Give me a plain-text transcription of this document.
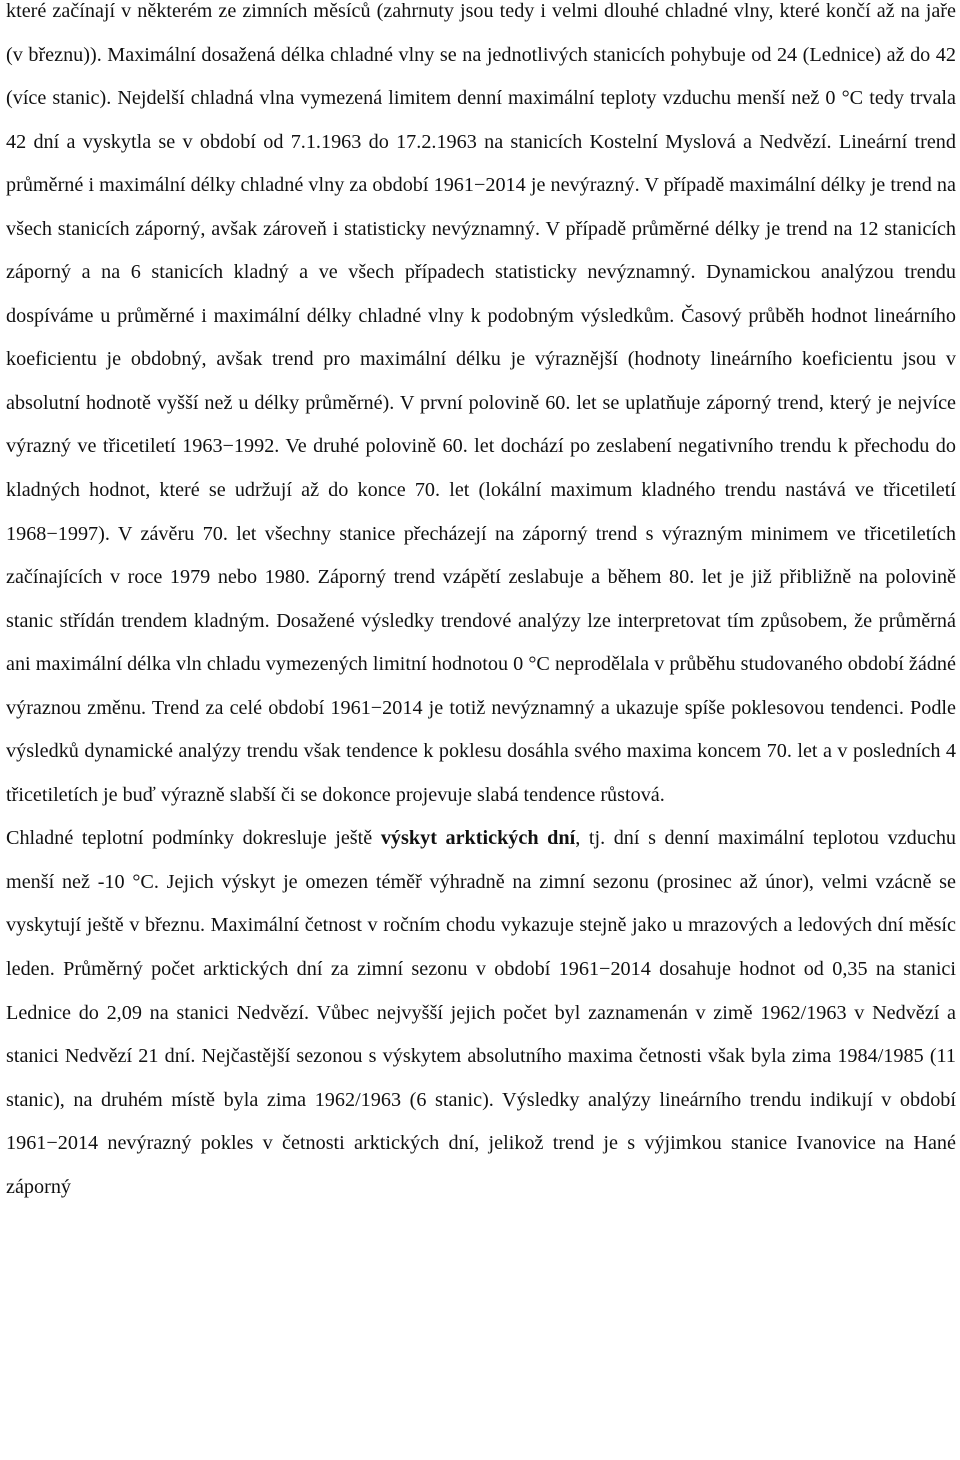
které začínají v některém ze zimních měsíců (zahrnuty jsou tedy i velmi dlouhé chladné vlny, které končí až na jaře (v březnu)). Maximální dosažená délka chladné vlny se na jednotlivých stanicích pohybuje od 24 (Lednice) až do 42 (více stanic). Nejdelší chladná vlna vymezená limitem denní maximální teploty vzduchu menší než 0 °C tedy trvala 42 dní a vyskytla se v období od 7.1.1963 do 17.2.1963 na stanicích Kostelní Myslová a Nedvězí. Lineární trend průměrné i maximální délky chladné vlny za období 1961−2014 je nevýrazný. V případě maximální délky je trend na všech stanicích záporný, avšak zároveň i statisticky nevýznamný. V případě průměrné délky je trend na 12 stanicích záporný a na 6 stanicích kladný a ve všech případech statisticky nevýznamný. Dynamickou analýzou trendu dospíváme u průměrné i maximální délky chladné vlny k podobným výsledkům. Časový průběh hodnot lineárního koeficientu je obdobný, avšak trend pro maximální délku je výraznější (hodnoty lineárního koeficientu jsou v absolutní hodnotě vyšší než u délky průměrné). V první polovině 60. let se uplatňuje záporný trend, který je nejvíce výrazný ve třicetiletí 1963−1992. Ve druhé polovině 60. let dochází po zeslabení negativního trendu k přechodu do kladných hodnot, které se udržují až do konce 70. let (lokální maximum kladného trendu nastává ve třicetiletí 1968−1997). V závěru 70. let všechny stanice přecházejí na záporný trend s výrazným minimem ve třicetiletích začínajících v roce 1979 nebo 1980. Záporný trend vzápětí zeslabuje a během 80. let je již přibližně na polovině stanic střídán trendem kladným. Dosažené výsledky trendové analýzy lze interpretovat tím způsobem, že průměrná ani maximální délka vln chladu vymezených limitní hodnotou 0 °C neprodělala v průběhu studovaného období žádné výraznou změnu. Trend za celé období 1961−2014 je totiž nevýznamný a ukazuje spíše poklesovou tendenci. Podle výsledků dynamické analýzy trendu však tendence k poklesu dosáhla svého maxima koncem 70. let a v posledních 4 třicetiletích je buď výrazně slabší či se dokonce projevuje slabá tendence růstová.

Chladné teplotní podmínky dokresluje ještě výskyt arktických dní, tj. dní s denní maximální teplotou vzduchu menší než -10 °C. Jejich výskyt je omezen téměř výhradně na zimní sezonu (prosinec až únor), velmi vzácně se vyskytují ještě v březnu. Maximální četnost v ročním chodu vykazuje stejně jako u mrazových a ledových dní měsíc leden. Průměrný počet arktických dní za zimní sezonu v období 1961−2014 dosahuje hodnot od 0,35 na stanici Lednice do 2,09 na stanici Nedvězí. Vůbec nejvyšší jejich počet byl zaznamenán v zimě 1962/1963 v Nedvězí a stanici Nedvězí 21 dní. Nejčastější sezonou s výskytem absolutního maxima četnosti však byla zima 1984/1985 (11 stanic), na druhém místě byla zima 1962/1963 (6 stanic). Výsledky analýzy lineárního trendu indikují v období 1961−2014 nevýrazný pokles v četnosti arktických dní, jelikož trend je s výjimkou stanice Ivanovice na Hané záporný
